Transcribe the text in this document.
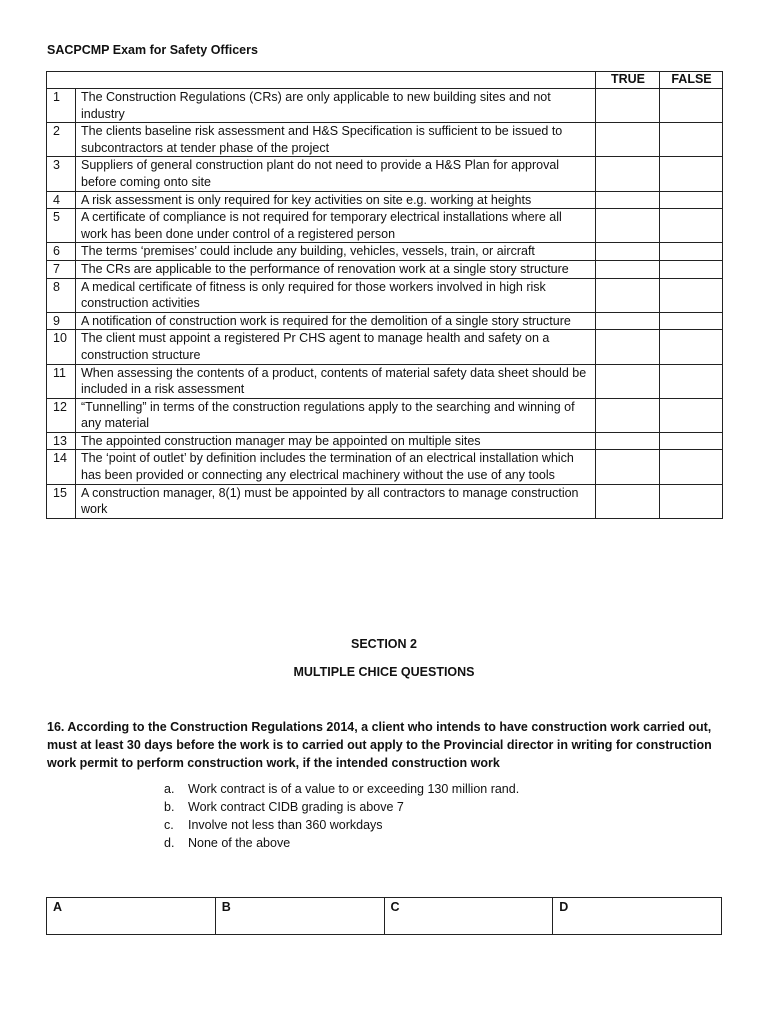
SACPCMP Exam for Safety Officers
		TRUE	FALSE
1	The Construction Regulations (CRs) are only applicable to new building sites and not industry		
2	The clients baseline risk assessment and H&S Specification is sufficient to be issued to subcontractors at tender phase of the project		
3	Suppliers of general construction plant do not need to provide a H&S Plan for approval before coming onto site		
4	A risk assessment is only required for key activities on site e.g. working at heights		
5	A certificate of compliance is not required for temporary electrical installations where all work has been done under control of a registered person		
6	The terms ‘premises’ could include any building, vehicles, vessels, train, or aircraft		
7	The CRs are applicable to the performance of renovation work at a single story structure		
8	A medical certificate of fitness is only required for those workers involved in high risk construction activities		
9	A notification of construction work is required for the demolition of a single story structure		
10	The client must appoint a registered Pr CHS agent to manage health and safety on a construction structure		
11	When assessing the contents of a product, contents of material safety data sheet should be included in a risk assessment		
12	“Tunnelling” in terms of the construction regulations apply to the searching and winning of any material		
13	The appointed construction manager may be appointed on multiple sites		
14	The ‘point of outlet’ by definition includes the termination of an electrical installation which has been provided or connecting any electrical machinery without the use of any tools		
15	A construction manager, 8(1) must be appointed by all contractors to manage construction work		
SECTION 2
MULTIPLE CHICE QUESTIONS
16. According to the Construction Regulations 2014, a client who intends to have construction work carried out, must at least 30 days before the work is to carried out apply to the Provincial director in writing for construction work permit to perform construction work, if the intended construction work
a.	Work contract is of a value to or exceeding 130 million rand.
b.	Work contract CIDB grading is above 7
c.	Involve not less than 360 workdays
d.	None of the above
A	B	C	D
